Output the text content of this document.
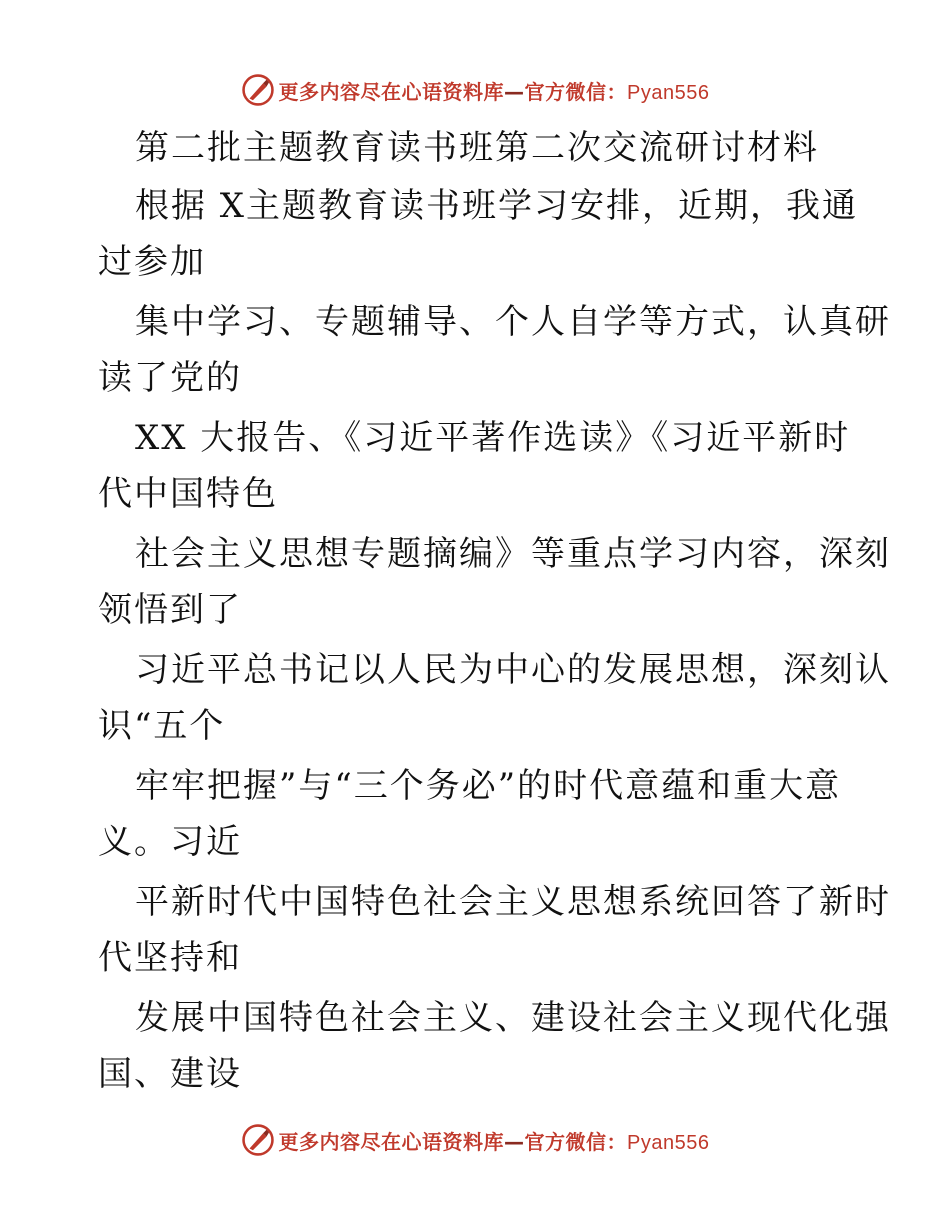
更多内容尽在心语资料库—官方微信：Pyan556
第二批主题教育读书班第二次交流研讨材料
根据 X主题教育读书班学习安排，近期，我通
过参加
集中学习、专题辅导、个人自学等方式，认真研
读了党的
XX 大报告、《习近平著作选读》《习近平新时
代中国特色
社会主义思想专题摘编》等重点学习内容，深刻
领悟到了
习近平总书记以人民为中心的发展思想，深刻认
识“五个
牢牢把握”与“三个务必”的时代意蕴和重大意
义。习近
平新时代中国特色社会主义思想系统回答了新时
代坚持和
发展中国特色社会主义、建设社会主义现代化强
国、建设
更多内容尽在心语资料库—官方微信：Pyan556
